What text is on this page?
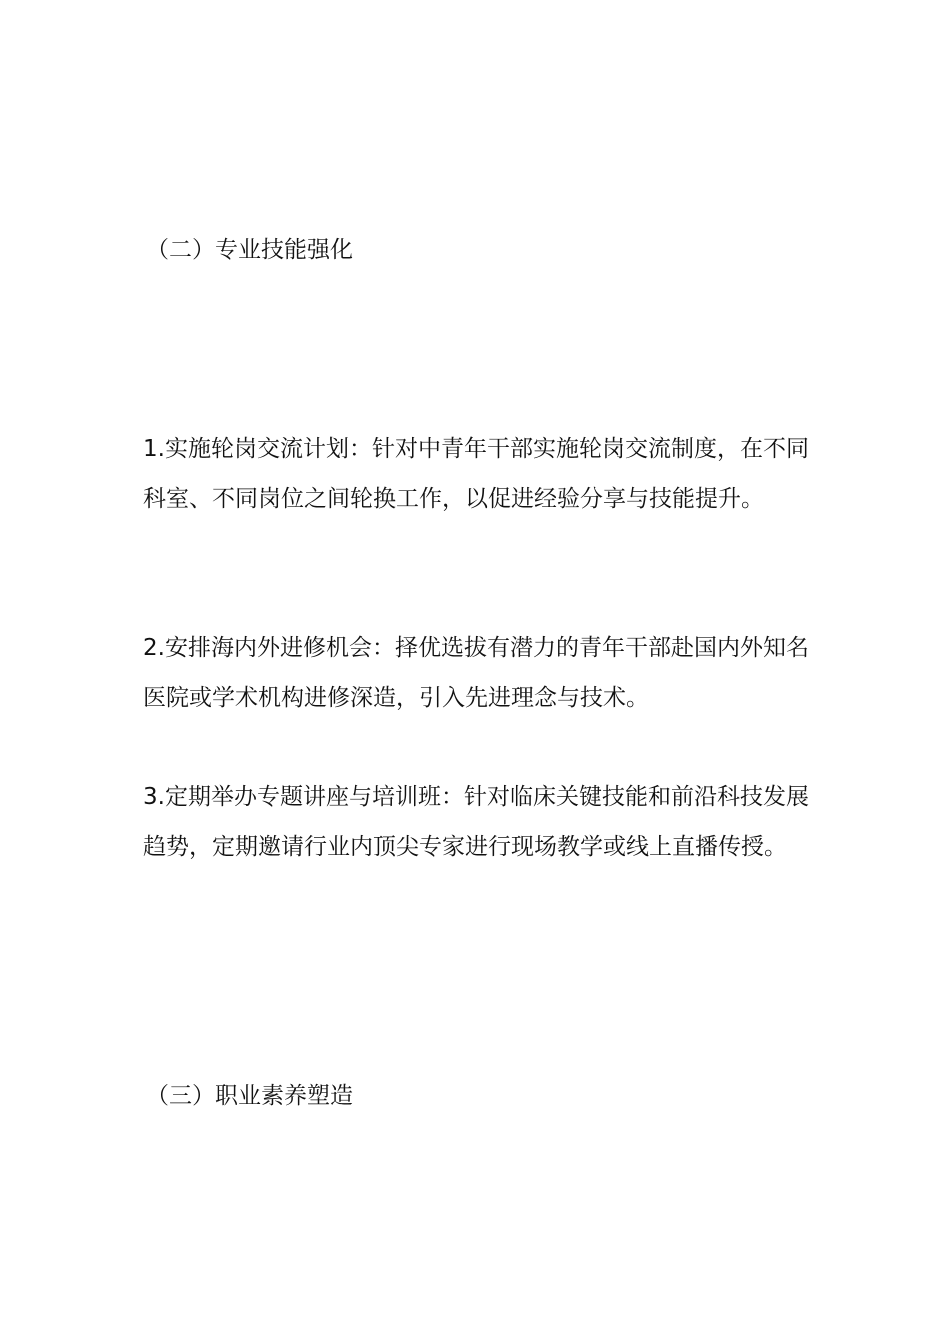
（二）专业技能强化

1.实施轮岗交流计划：针对中青年干部实施轮岗交流制度，在不同科室、不同岗位之间轮换工作，以促进经验分享与技能提升。

2.安排海内外进修机会：择优选拔有潜力的青年干部赴国内外知名医院或学术机构进修深造，引入先进理念与技术。

3.定期举办专题讲座与培训班：针对临床关键技能和前沿科技发展趋势，定期邀请行业内顶尖专家进行现场教学或线上直播传授。

（三）职业素养塑造
